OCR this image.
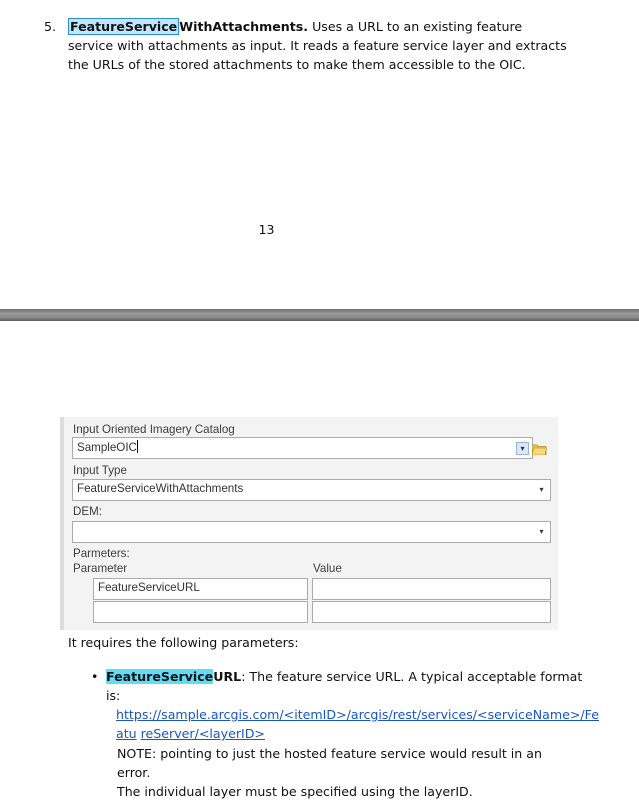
5. FeatureService WithAttachments. Uses a URL to an existing feature service with attachments as input. It reads a feature service layer and extracts the URLs of the stored attachments to make them accessible to the OIC.
13
Input Oriented Imagery Catalog
SampleOIC	▾
Input Type
FeatureServiceWithAttachments	▾
DEM:
▾
Parmeters:
Parameter	Value
FeatureServiceURL
It requires the following parameters:
• FeatureServiceURL: The feature service URL. A typical acceptable format is:
https://sample.arcgis.com/<itemID>/arcgis/rest/services/<serviceName>/Fe
atu reServer/<layerID>
NOTE: pointing to just the hosted feature service would result in an error.
The individual layer must be specified using the layerID.
